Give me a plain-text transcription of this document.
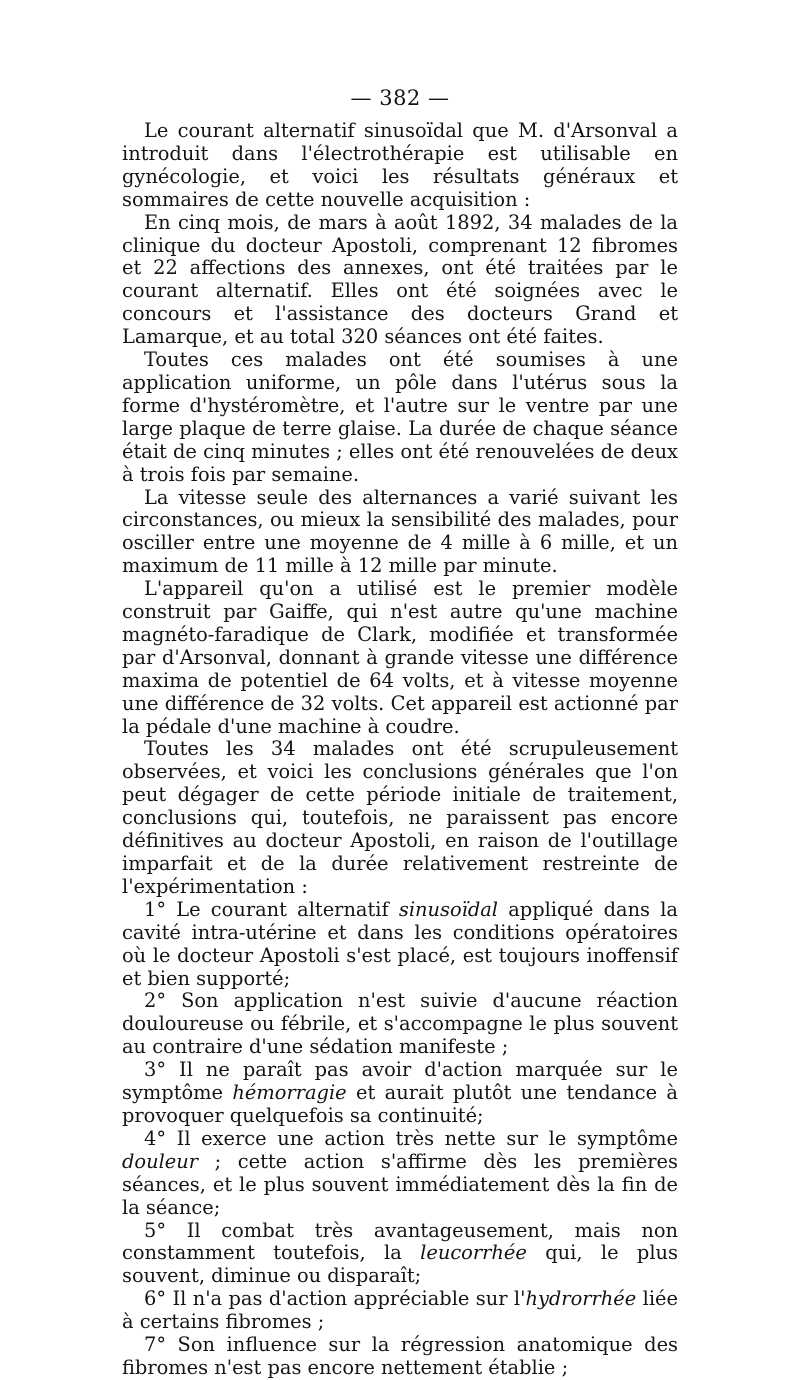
— 382 —

Le courant alternatif sinusoïdal que M. d'Arsonval a introduit dans l'électrothérapie est utilisable en gynécologie, et voici les résultats généraux et sommaires de cette nouvelle acquisition :

En cinq mois, de mars à août 1892, 34 malades de la clinique du docteur Apostoli, comprenant 12 fibromes et 22 affections des annexes, ont été traitées par le courant alternatif. Elles ont été soignées avec le concours et l'assistance des docteurs Grand et Lamarque, et au total 320 séances ont été faites.

Toutes ces malades ont été soumises à une application uniforme, un pôle dans l'utérus sous la forme d'hystéromètre, et l'autre sur le ventre par une large plaque de terre glaise. La durée de chaque séance était de cinq minutes ; elles ont été renouvelées de deux à trois fois par semaine.

La vitesse seule des alternances a varié suivant les circonstances, ou mieux la sensibilité des malades, pour osciller entre une moyenne de 4 mille à 6 mille, et un maximum de 11 mille à 12 mille par minute.

L'appareil qu'on a utilisé est le premier modèle construit par Gaiffe, qui n'est autre qu'une machine magnéto-faradique de Clark, modifiée et transformée par d'Arsonval, donnant à grande vitesse une différence maxima de potentiel de 64 volts, et à vitesse moyenne une différence de 32 volts. Cet appareil est actionné par la pédale d'une machine à coudre.

Toutes les 34 malades ont été scrupuleusement observées, et voici les conclusions générales que l'on peut dégager de cette période initiale de traitement, conclusions qui, toutefois, ne paraissent pas encore définitives au docteur Apostoli, en raison de l'outillage imparfait et de la durée relativement restreinte de l'expérimentation :

1° Le courant alternatif sinusoïdal appliqué dans la cavité intra-utérine et dans les conditions opératoires où le docteur Apostoli s'est placé, est toujours inoffensif et bien supporté;

2° Son application n'est suivie d'aucune réaction douloureuse ou fébrile, et s'accompagne le plus souvent au contraire d'une sédation manifeste ;

3° Il ne paraît pas avoir d'action marquée sur le symptôme hémorragie et aurait plutôt une tendance à provoquer quelquefois sa continuité;

4° Il exerce une action très nette sur le symptôme douleur ; cette action s'affirme dès les premières séances, et le plus souvent immédiatement dès la fin de la séance;

5° Il combat très avantageusement, mais non constamment toutefois, la leucorrhée qui, le plus souvent, diminue ou disparaît;

6° Il n'a pas d'action appréciable sur l'hydrorrhée liée à certains fibromes ;

7° Son influence sur la régression anatomique des fibromes n'est pas encore nettement établie ;
